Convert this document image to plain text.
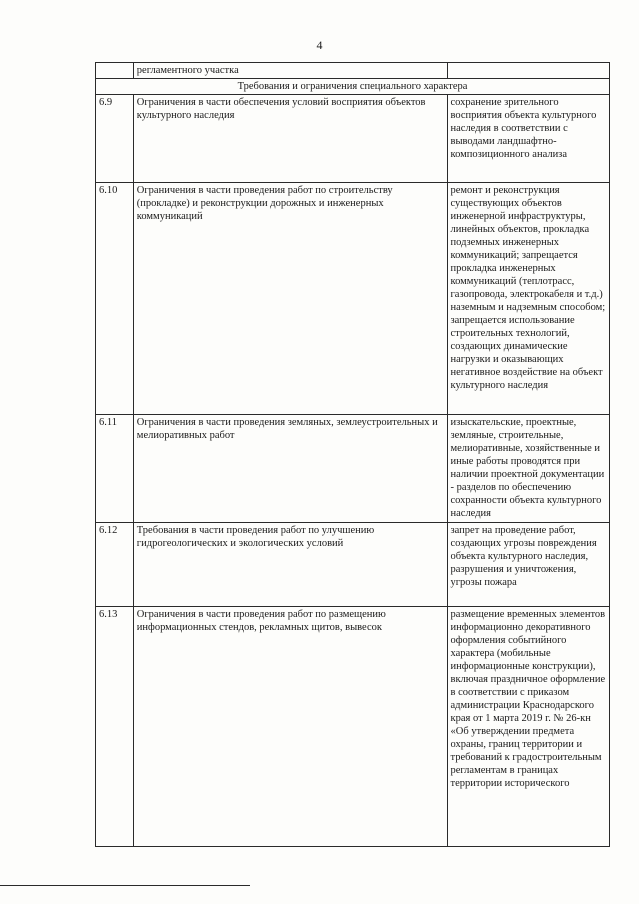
4
	регламентного участка	
Требования и ограничения специального характера		
6.9	Ограничения в части обеспечения условий восприятия объектов культурного наследия	сохранение зрительного восприятия объекта культурного наследия в соответствии с выводами ландшафтно-композиционного анализа
6.10	Ограничения в части проведения работ по строительству (прокладке) и реконструкции дорожных и инженерных коммуникаций	ремонт и реконструкция существующих объектов инженерной инфраструктуры, линейных объектов, прокладка подземных инженерных коммуникаций; запрещается прокладка инженерных коммуникаций (теплотрасс, газопровода, электрокабеля и т.д.) наземным и надземным способом; запрещается использование строительных технологий, создающих динамические нагрузки и оказывающих негативное воздействие на объект культурного наследия
6.11	Ограничения в части проведения земляных, землеустроительных и мелиоративных работ	изыскательские, проектные, земляные, строительные, мелиоративные, хозяйственные и иные работы проводятся при наличии проектной документации - разделов по обеспечению сохранности объекта культурного наследия
6.12	Требования в части проведения работ по улучшению гидрогеологических и экологических условий	запрет на проведение работ, создающих угрозы повреждения объекта культурного наследия, разрушения и уничтожения, угрозы пожара
6.13	Ограничения в части проведения работ по размещению информационных стендов, рекламных щитов, вывесок	размещение временных элементов информационно декоративного оформления событийного характера (мобильные информационные конструкции), включая праздничное оформление в соответствии с приказом администрации Краснодарского края от 1 марта 2019 г. № 26-кн «Об утверждении предмета охраны, границ территории и требований к градостроительным регламентам в границах территории исторического
